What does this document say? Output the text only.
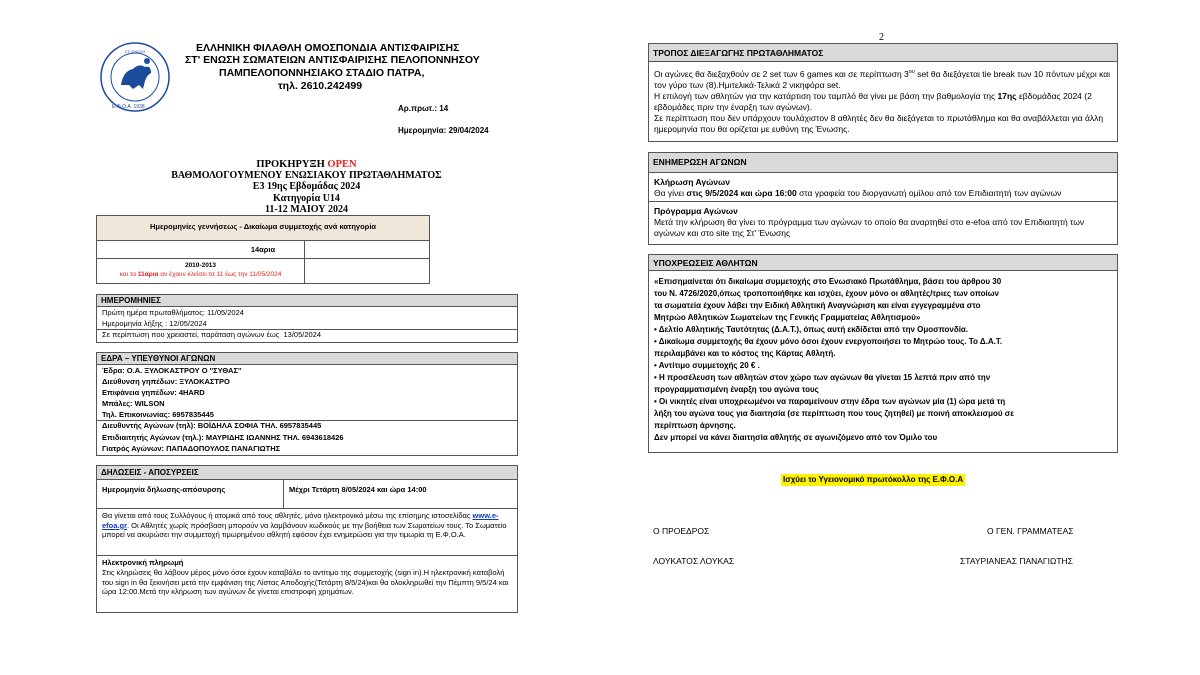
ΣΤ' ΕΝΩΣΗ
Ε.Φ.Ο.Α. 1938
ΕΛΛΗΝΙΚΗ ΦΙΛΑΘΛΗ ΟΜΟΣΠΟΝΔΙΑ ΑΝΤΙΣΦΑΙΡΙΣΗΣ
ΣΤ' ΕΝΩΣΗ ΣΩΜΑΤΕΙΩΝ ΑΝΤΙΣΦΑΙΡΙΣΗΣ ΠΕΛΟΠΟΝΝΗΣΟΥ
ΠΑΜΠΕΛΟΠΟΝΝΗΣΙΑΚΟ ΣΤΑΔΙΟ ΠΑΤΡΑ,
τηλ. 2610.242499
Αρ.πρωτ.: 14
Ημερομηνία: 29/04/2024
ΠΡΟΚΗΡΥΞΗ OPEN
ΒΑΘΜΟΛΟΓΟΥΜΕΝΟΥ ΕΝΩΣΙΑΚΟΥ ΠΡΩΤΑΘΛΗΜΑΤΟΣ
Ε3 19ης Εβδομάδας 2024
Κατηγορία U14
11-12 ΜΑΙΟΥ 2024
Ημερομηνίες γεννήσεως - Δικαίωμα συμμετοχής ανά κατηγορία
14αρια
2010-2013
και τα 11άρια αν έχουν κλείσει τα 11 έως την 11/05/2024
ΗΜΕΡΟΜΗΝΙΕΣ
Πρώτη ημέρα πρωταθλήματος: 11/05/2024
Ημερομηνία λήξης : 12/05/2024
Σε περίπτωση που χρειαστεί, παράταση αγώνων έως 13/05/2024
ΕΔΡΑ – ΥΠΕΥΘΥΝΟΙ ΑΓΩΝΩΝ
Έδρα: Ο.Α. ΞΥΛΟΚΑΣΤΡΟΥ Ο ''ΣΥΘΑΣ''
Διεύθυνση γηπέδων: ΞΥΛΟΚΑΣΤΡΟ
Επιφάνεια γηπέδων: 4HARD
Μπάλες: WILSON
Τηλ. Επικοινωνίας: 6957835445
Διευθυντής Αγώνων (τηλ): ΒΟΪΔΗΛΑ ΣΟΦΙΑ ΤΗΛ. 6957835445
Επιδιαιτητής Αγώνων (τηλ.): ΜΑΥΡΙΔΗΣ ΙΩΑΝΝΗΣ ΤΗΛ. 6943618426
Γιατρός Αγώνων: ΠΑΠΑΔΟΠΟΥΛΟΣ ΠΑΝΑΓΙΩΤΗΣ
ΔΗΛΩΣΕΙΣ - ΑΠΟΣΥΡΣΕΙΣ
Ημερομηνία δήλωσης-απόσυρσης	Μέχρι Τετάρτη 8/05/2024 και ώρα 14:00
Θα γίνεται από τους Συλλόγους ή ατομικά από τους αθλητές, μόνο ηλεκτρονικά μέσω της επίσημης ιστοσελίδας www.e-efoa.gr. Οι Αθλητές χωρίς πρόσβαση μπορούν να λαμβάνουν κωδικούς με την βοήθεια των Σωματείων τους. Το Σωματείο μπορεί να ακυρώσει την συμμετοχή τιμωρημένου αθλητή εφόσον έχει ενημερώσει για την τιμωρία τη Ε.Φ.Ο.Α.
Ηλεκτρονική πληρωμή
Στις κληρώσεις θα λάβουν μέρος μόνο όσοι έχουν καταβάλει το αντίτιμο της συμμετοχής (sign in).Η ηλεκτρονική καταβολή του sign in θα ξεκινήσει μετά την εμφάνιση της Λίστας Αποδοχής(Τετάρτη 8/5/24)και θα ολοκληρωθεί την Πέμπτη 9/5/24 και ώρα 12:00.Μετά την κλήρωση των αγώνων δε γίνεται επιστροφή χρημάτων.
2
ΤΡΟΠΟΣ ΔΙΕΞΑΓΩΓΗΣ ΠΡΩΤΑΘΛΗΜΑΤΟΣ
Οι αγώνες θα διεξαχθούν σε 2 set των 6 games και σε περίπτωση $3^{o\upsilon}$ set θα διεξάγεται tie break των 10 πόντων μέχρι και τον γύρο των (8).Ημιτελικά-Τελικά 2 νικηφόρα set.
Η επιλογή των αθλητών για την κατάρτιση του ταμπλό θα γίνει με βάση την βαθμολογία της 17ης εβδομάδας 2024 (2 εβδομάδες πριν την έναρξη των αγώνων).
Σε περίπτωση που δεν υπάρχουν τουλάχιστον 8 αθλητές δεν θα διεξάγεται το πρωτάθλημα και θα αναβάλλεται για άλλη ημερομηνία που θα ορίζεται με ευθύνη της Ένωσης.
ΕΝΗΜΕΡΩΣΗ ΑΓΩΝΩΝ
Κλήρωση Αγώνων
Θα γίνει στις 9/5/2024 και ώρα 16:00 στα γραφεία του διοργανωτή ομίλου από τον Επιδιαιτητή των αγώνων
Πρόγραμμα Αγώνων
Μετά την κλήρωση θα γίνει το πρόγραμμα των αγώνων το οποίο θα αναρτηθεί στο e-efoa από τον Επιδιαιτητή των αγώνων και στο site της Στ' Ένωσης
ΥΠΟΧΡΕΩΣΕΙΣ ΑΘΛΗΤΩΝ
«Επισημαίνεται ότι δικαίωμα συμμετοχής στο Ενωσιακό Πρωτάθλημα, βάσει του άρθρου 30
του Ν. 4726/2020,όπως τροποποιήθηκε και ισχύει, έχουν μόνο οι αθλητές/τριες των οποίων
τα σωματεία έχουν λάβει την Ειδική Αθλητική Αναγνώριση και είναι εγγεγραμμένα στο
Μητρώο Αθλητικών Σωματείων της Γενικής Γραμματείας Αθλητισμού»
• Δελτίο Αθλητικής Ταυτότητας (Δ.Α.Τ.), όπως αυτή εκδίδεται από την Ομοσπονδία.
• Δικαίωμα συμμετοχής θα έχουν μόνο όσοι έχουν ενεργοποιήσει το Μητρώο τους. Το Δ.Α.Τ.
περιλαμβάνει και το κόστος της Κάρτας Αθλητή.
• Αντίτιμο συμμετοχής 20 € .
• Η προσέλευση των αθλητών στον χώρο των αγώνων θα γίνεται 15 λεπτά πριν από την
προγραμματισμένη έναρξη του αγώνα τους
• Οι νικητές είναι υποχρεωμένοι να παραμείνουν στην έδρα των αγώνων μία (1) ώρα μετά τη
λήξη του αγώνα τους για διαιτησία (σε περίπτωση που τους ζητηθεί) με ποινή αποκλεισμού σε
περίπτωση άρνησης.
Δεν μπορεί να κάνει διαιτησία αθλητής σε αγωνιζόμενο από τον Όμιλο του
Ισχύει το Υγειονομικό πρωτόκολλο της Ε.Φ.Ο.Α
Ο ΠΡΟΕΔΡΟΣ
ΛΟΥΚΑΤΟΣ ΛΟΥΚΑΣ
Ο ΓΕΝ. ΓΡΑΜΜΑΤΕΑΣ
ΣΤΑΥΡΙΑΝΕΑΣ ΠΑΝΑΓΙΩΤΗΣ
